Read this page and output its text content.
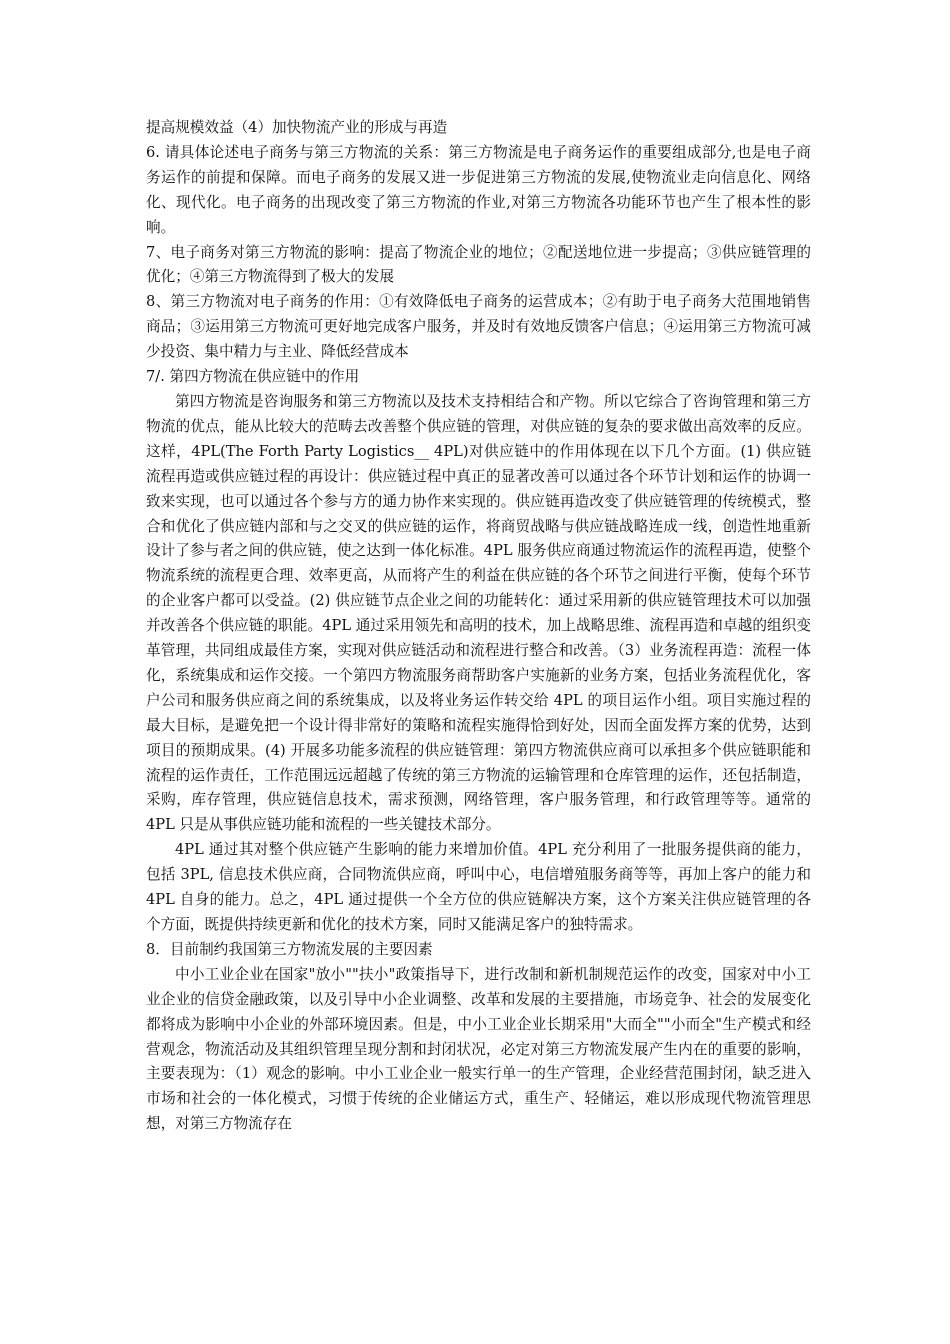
提高规模效益（4）加快物流产业的形成与再造

6. 请具体论述电子商务与第三方物流的关系：第三方物流是电子商务运作的重要组成部分,也是电子商务运作的前提和保障。而电子商务的发展又进一步促进第三方物流的发展,使物流业走向信息化、网络化、现代化。电子商务的出现改变了第三方物流的作业,对第三方物流各功能环节也产生了根本性的影响。

7、电子商务对第三方物流的影响：提高了物流企业的地位；②配送地位进一步提高；③供应链管理的优化；④第三方物流得到了极大的发展

8、第三方物流对电子商务的作用：①有效降低电子商务的运营成本；②有助于电子商务大范围地销售商品；③运用第三方物流可更好地完成客户服务，并及时有效地反馈客户信息；④运用第三方物流可减少投资、集中精力与主业、降低经营成本

7/. 第四方物流在供应链中的作用

第四方物流是咨询服务和第三方物流以及技术支持相结合和产物。所以它综合了咨询管理和第三方物流的优点，能从比较大的范畴去改善整个供应链的管理，对供应链的复杂的要求做出高效率的反应。这样，4PL(The Forth Party Logistics__ 4PL)对供应链中的作用体现在以下几个方面。(1) 供应链流程再造或供应链过程的再设计：供应链过程中真正的显著改善可以通过各个环节计划和运作的协调一致来实现，也可以通过各个参与方的通力协作来实现的。供应链再造改变了供应链管理的传统模式，整合和优化了供应链内部和与之交叉的供应链的运作，将商贸战略与供应链战略连成一线，创造性地重新设计了参与者之间的供应链，使之达到一体化标准。4PL 服务供应商通过物流运作的流程再造，使整个物流系统的流程更合理、效率更高，从而将产生的利益在供应链的各个环节之间进行平衡，使每个环节的企业客户都可以受益。(2) 供应链节点企业之间的功能转化：通过采用新的供应链管理技术可以加强并改善各个供应链的职能。4PL 通过采用领先和高明的技术，加上战略思维、流程再造和卓越的组织变革管理，共同组成最佳方案，实现对供应链活动和流程进行整合和改善。（3）业务流程再造：流程一体化，系统集成和运作交接。一个第四方物流服务商帮助客户实施新的业务方案，包括业务流程优化，客户公司和服务供应商之间的系统集成，以及将业务运作转交给 4PL 的项目运作小组。项目实施过程的最大目标，是避免把一个设计得非常好的策略和流程实施得恰到好处，因而全面发挥方案的优势，达到项目的预期成果。(4) 开展多功能多流程的供应链管理：第四方物流供应商可以承担多个供应链职能和流程的运作责任，工作范围远远超越了传统的第三方物流的运输管理和仓库管理的运作，还包括制造，采购，库存管理，供应链信息技术，需求预测，网络管理，客户服务管理，和行政管理等等。通常的 4PL 只是从事供应链功能和流程的一些关键技术部分。

4PL 通过其对整个供应链产生影响的能力来增加价值。4PL 充分利用了一批服务提供商的能力，包括 3PL, 信息技术供应商，合同物流供应商，呼叫中心，电信增殖服务商等等，再加上客户的能力和 4PL 自身的能力。总之，4PL 通过提供一个全方位的供应链解决方案，这个方案关注供应链管理的各个方面，既提供持续更新和优化的技术方案，同时又能满足客户的独特需求。

8．目前制约我国第三方物流发展的主要因素

中小工业企业在国家"放小""扶小"政策指导下，进行改制和新机制规范运作的改变，国家对中小工业企业的信贷金融政策，以及引导中小企业调整、改革和发展的主要措施，市场竞争、社会的发展变化都将成为影响中小企业的外部环境因素。但是，中小工业企业长期采用"大而全""小而全"生产模式和经营观念，物流活动及其组织管理呈现分割和封闭状况，必定对第三方物流发展产生内在的重要的影响，主要表现为：（1）观念的影响。中小工业企业一般实行单一的生产管理，企业经营范围封闭，缺乏进入市场和社会的一体化模式，习惯于传统的企业储运方式，重生产、轻储运，难以形成现代物流管理思想，对第三方物流存在
